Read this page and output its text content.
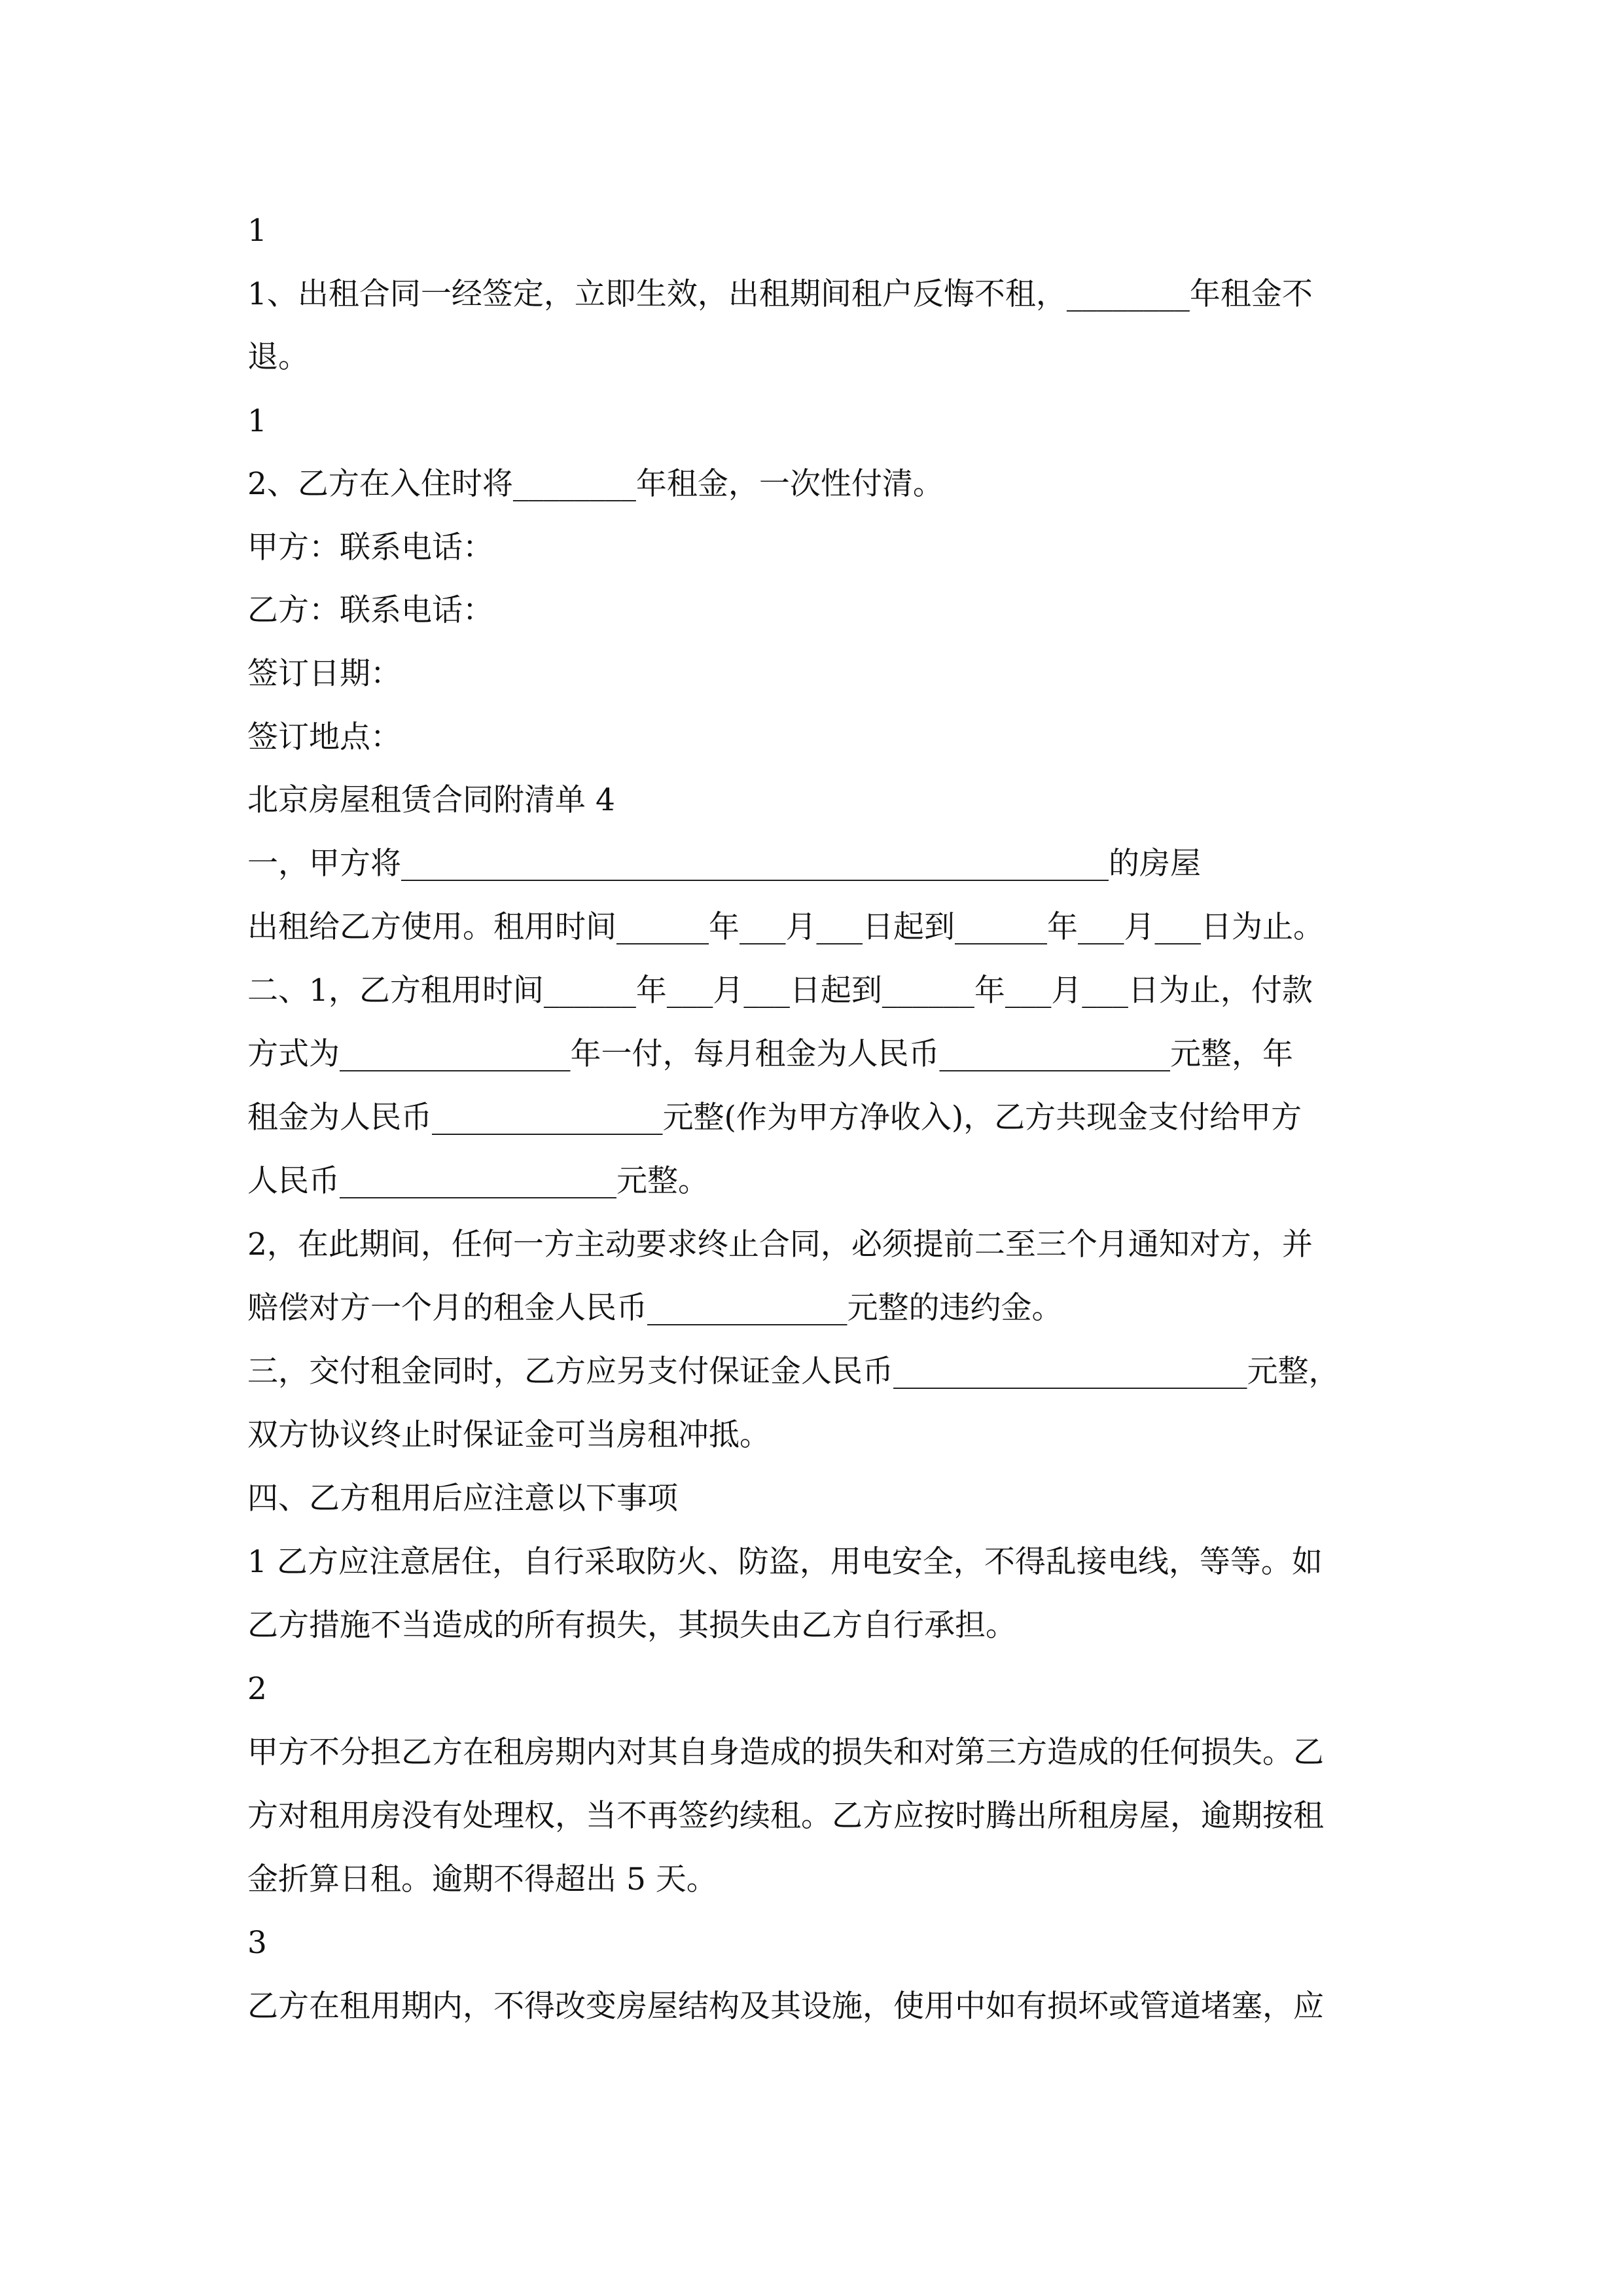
1
1、出租合同一经签定，立即生效，出租期间租户反悔不租，________年租金不
退。
1
2、乙方在入住时将________年租金，一次性付清。
甲方：联系电话：
乙方：联系电话：
签订日期：
签订地点：
北京房屋租赁合同附清单 4
一，甲方将______________________________________________的房屋
出租给乙方使用。租用时间______年___月___日起到______年___月___日为止。
二、1，乙方租用时间______年___月___日起到______年___月___日为止，付款
方式为_______________年一付，每月租金为人民币_______________元整，年
租金为人民币_______________元整(作为甲方净收入)，乙方共现金支付给甲方
人民币__________________元整。
2，在此期间，任何一方主动要求终止合同，必须提前二至三个月通知对方，并
赔偿对方一个月的租金人民币_____________元整的违约金。
三，交付租金同时，乙方应另支付保证金人民币_______________________元整，
双方协议终止时保证金可当房租冲抵。
四、乙方租用后应注意以下事项
1 乙方应注意居住，自行采取防火、防盗，用电安全，不得乱接电线，等等。如
乙方措施不当造成的所有损失，其损失由乙方自行承担。
2
甲方不分担乙方在租房期内对其自身造成的损失和对第三方造成的任何损失。乙
方对租用房没有处理权，当不再签约续租。乙方应按时腾出所租房屋，逾期按租
金折算日租。逾期不得超出 5 天。
3
乙方在租用期内，不得改变房屋结构及其设施，使用中如有损坏或管道堵塞，应
